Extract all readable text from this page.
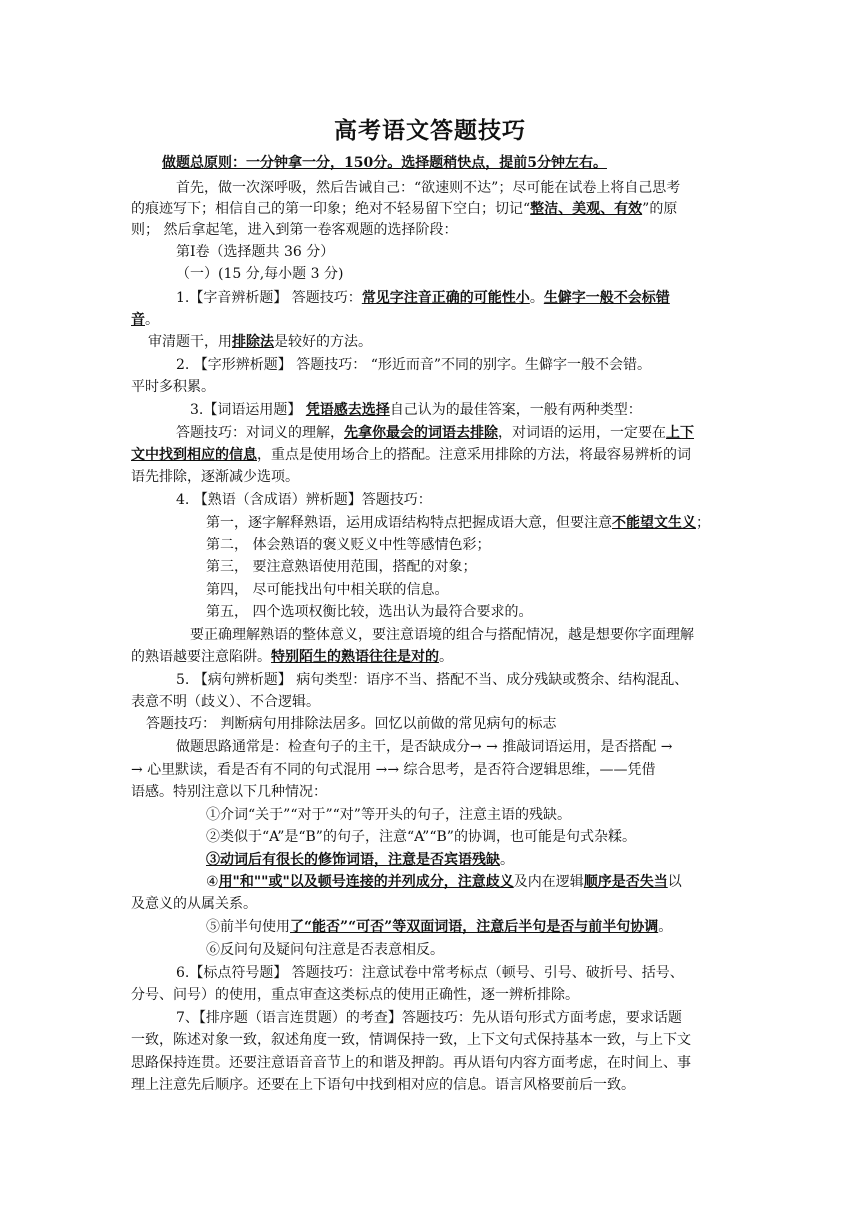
高考语文答题技巧
做题总原则：一分钟拿一分，150分。选择题稍快点，提前5分钟左右。
首先，做一次深呼吸，然后告诫自己：“欲速则不达”；尽可能在试卷上将自己思考
的痕迹写下；相信自己的第一印象；绝对不轻易留下空白；切记“整洁、美观、有效”的原
则； 然后拿起笔，进入到第一卷客观题的选择阶段：
第Ⅰ卷（选择题共 36 分）
（一）(15 分,每小题 3 分)
1.【字音辨析题】 答题技巧：常见字注音正确的可能性小。生僻字一般不会标错
音。
审清题干，用排除法是较好的方法。
2. 【字形辨析题】 答题技巧： “形近而音”不同的别字。生僻字一般不会错。
平时多积累。
3.【词语运用题】 凭语感去选择自己认为的最佳答案，一般有两种类型：
答题技巧：对词义的理解，先拿你最会的词语去排除，对词语的运用，一定要在上下
文中找到相应的信息，重点是使用场合上的搭配。注意采用排除的方法，将最容易辨析的词
语先排除，逐渐减少选项。
4. 【熟语（含成语）辨析题】答题技巧：
第一，逐字解释熟语，运用成语结构特点把握成语大意，但要注意不能望文生义；
第二， 体会熟语的褒义贬义中性等感情色彩；
第三， 要注意熟语使用范围，搭配的对象；
第四， 尽可能找出句中相关联的信息。
第五， 四个选项权衡比较，选出认为最符合要求的。
要正确理解熟语的整体意义，要注意语境的组合与搭配情况，越是想要你字面理解
的熟语越要注意陷阱。特别陌生的熟语往往是对的。
5. 【病句辨析题】 病句类型：语序不当、搭配不当、成分残缺或赘余、结构混乱、
表意不明（歧义）、不合逻辑。
答题技巧： 判断病句用排除法居多。回忆以前做的常见病句的标志
做题思路通常是：检查句子的主干，是否缺成分→ → 推敲词语运用，是否搭配 →
→ 心里默读，看是否有不同的句式混用 →→ 综合思考，是否符合逻辑思维，——凭借
语感。特别注意以下几种情况：
①介词“关于”“对于”“对”等开头的句子，注意主语的残缺。
②类似于“A”是“B”的句子，注意“A”“B”的协调，也可能是句式杂糅。
③动词后有很长的修饰词语，注意是否宾语残缺。
④用"和""或"以及顿号连接的并列成分，注意歧义及内在逻辑顺序是否失当以
及意义的从属关系。
⑤前半句使用了“能否”“可否”等双面词语，注意后半句是否与前半句协调。
⑥反问句及疑问句注意是否表意相反。
6.【标点符号题】 答题技巧：注意试卷中常考标点（顿号、引号、破折号、括号、
分号、问号）的使用，重点审查这类标点的使用正确性，逐一辨析排除。
7、【排序题（语言连贯题）的考查】答题技巧：先从语句形式方面考虑，要求话题
一致，陈述对象一致，叙述角度一致，情调保持一致，上下文句式保持基本一致，与上下文
思路保持连贯。还要注意语音音节上的和谐及押韵。再从语句内容方面考虑，在时间上、事
理上注意先后顺序。还要在上下语句中找到相对应的信息。语言风格要前后一致。
